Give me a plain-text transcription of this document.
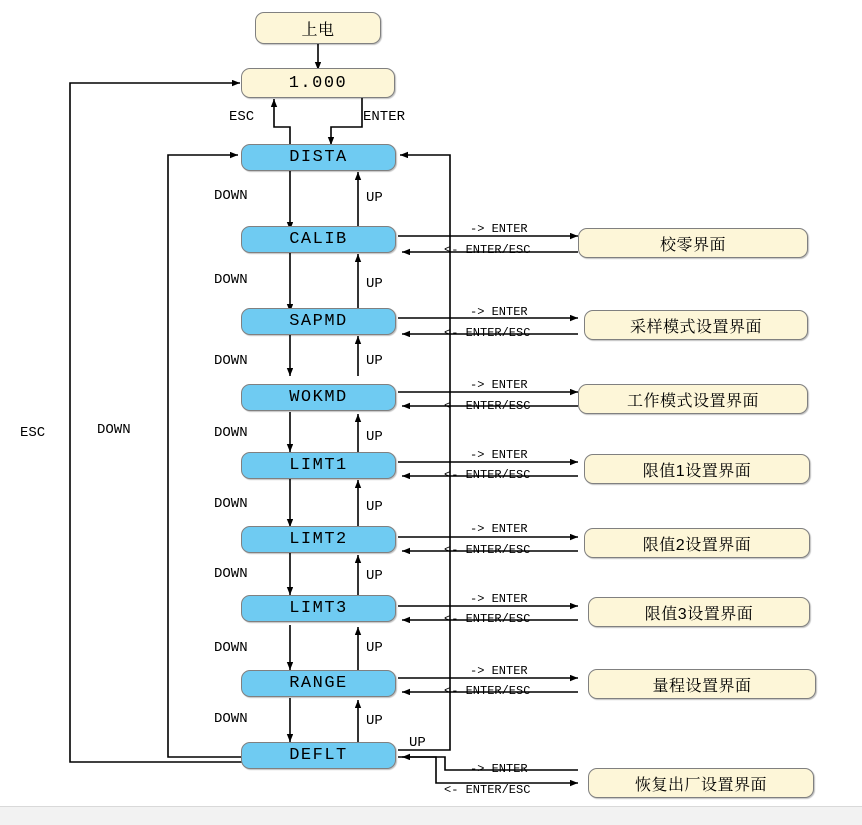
上电
1.000
DISTA
CALIB
SAPMD
WOKMD
LIMT1
LIMT2
LIMT3
RANGE
DEFLT
校零界面
采样模式设置界面
工作模式设置界面
限值1设置界面
限值2设置界面
限值3设置界面
量程设置界面
恢复出厂设置界面
ESC	ENTER
ESC	DOWN
DOWN	UP
DOWN	UP
DOWN	UP
DOWN	UP
DOWN	UP
DOWN	UP
DOWN	UP
DOWN	UP
UP
-> ENTER
<- ENTER/ESC
-> ENTER
<- ENTER/ESC
-> ENTER
<- ENTER/ESC
-> ENTER
<- ENTER/ESC
-> ENTER
<- ENTER/ESC
-> ENTER
<- ENTER/ESC
-> ENTER
<- ENTER/ESC
-> ENTER
<- ENTER/ESC
